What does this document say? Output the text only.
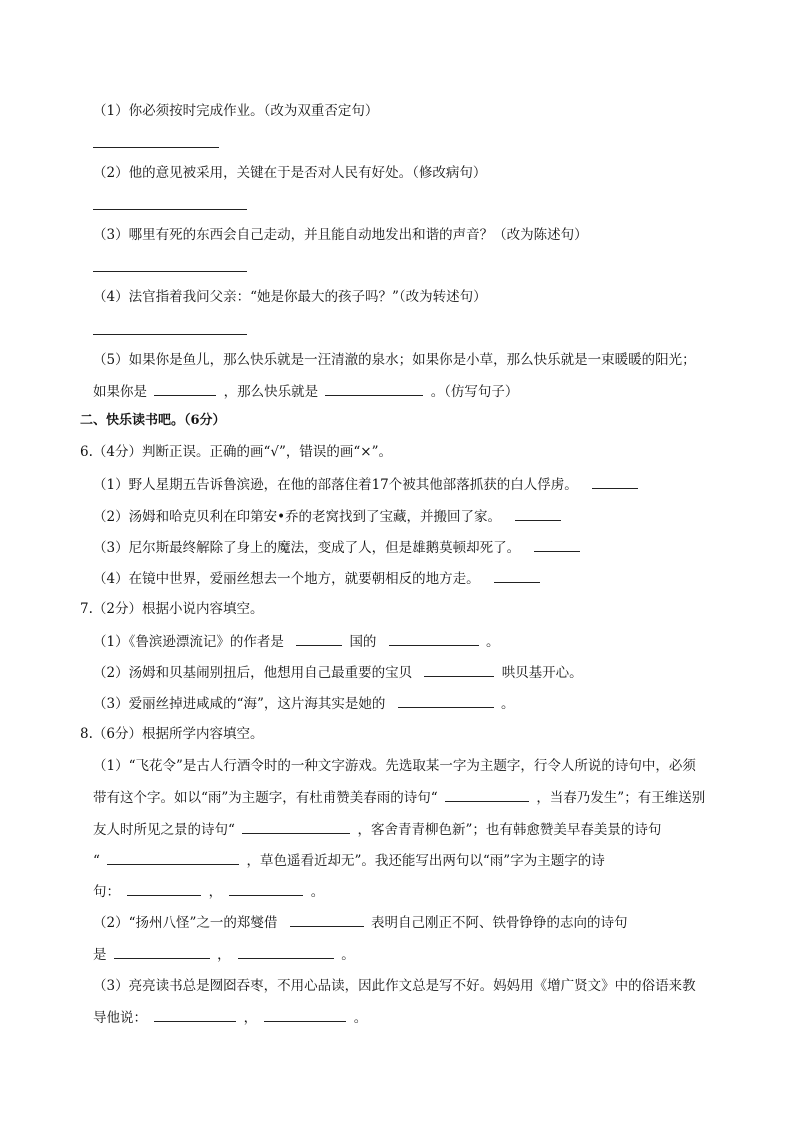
（1）你必须按时完成作业。（改为双重否定句）
（2）他的意见被采用，关键在于是否对人民有好处。（修改病句）
（3）哪里有死的东西会自己走动，并且能自动地发出和谐的声音？（改为陈述句）
（4）法官指着我问父亲：“她是你最大的孩子吗？”（改为转述句）
（5）如果你是鱼儿，那么快乐就是一汪清澈的泉水；如果你是小草，那么快乐就是一束暖暖的阳光；
如果你是	，那么快乐就是	。（仿写句子）
二、快乐读书吧。（6分）
6.（4分）判断正误。正确的画“√”，错误的画“×”。
（1）野人星期五告诉鲁滨逊，在他的部落住着17个被其他部落抓获的白人俘虏。
（2）汤姆和哈克贝利在印第安•乔的老窝找到了宝藏，并搬回了家。
（3）尼尔斯最终解除了身上的魔法，变成了人，但是雄鹅莫顿却死了。
（4）在镜中世界，爱丽丝想去一个地方，就要朝相反的地方走。
7.（2分）根据小说内容填空。
（1）《鲁滨逊漂流记》的作者是	国的	。
（2）汤姆和贝基闹别扭后，他想用自己最重要的宝贝	哄贝基开心。
（3）爱丽丝掉进咸咸的“海”，这片海其实是她的	。
8.（6分）根据所学内容填空。
（1）“飞花令”是古人行酒令时的一种文字游戏。先选取某一字为主题字，行令人所说的诗句中，必须
带有这个字。如以“雨”为主题字，有杜甫赞美春雨的诗句“	，当春乃发生”；有王维送别
友人时所见之景的诗句“	，客舍青青柳色新”；也有韩愈赞美早春美景的诗句
“	，草色遥看近却无”。我还能写出两句以“雨”字为主题字的诗
句：	，	。
（2）“扬州八怪”之一的郑燮借	表明自己刚正不阿、铁骨铮铮的志向的诗句
是	，	。
（3）亮亮读书总是囫囵吞枣，不用心品读，因此作文总是写不好。妈妈用《增广贤文》中的俗语来教
导他说：	，	。
